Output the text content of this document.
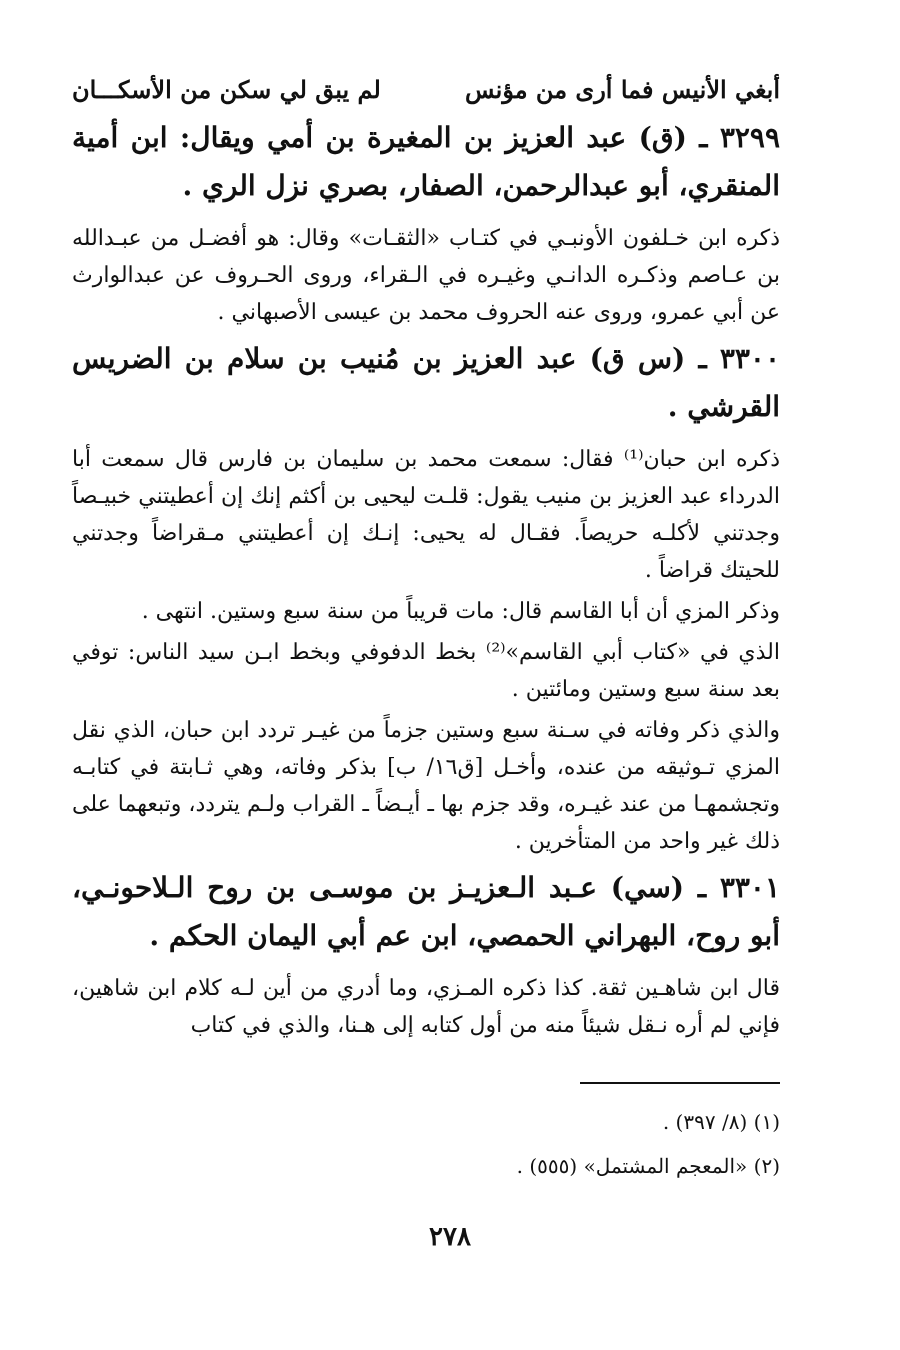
أبغي الأنيس فما أرى من مؤنس
لم يبق لي سكن من الأسكـــان
٣٢٩٩ ـ (ق) عبد العزيز بن المغيرة بن أمي ويقال: ابن أمية المنقري، أبو عبدالرحمن، الصفار، بصري نزل الري .

ذكره ابن خـلفون الأونبـي في كتـاب «الثقـات» وقال: هو أفضـل من عبـدالله بن عـاصم وذكـره الدانـي وغيـره في الـقراء، وروى الحـروف عن عبدالوارث عن أبي عمرو، وروى عنه الحروف محمد بن عيسى الأصبهاني .

٣٣٠٠ ـ (س ق) عبد العزيز بن مُنيب بن سلام بن الضريس القرشي .

ذكره ابن حبان⁽¹⁾ فقال: سمعت محمد بن سليمان بن فارس قال سمعت أبا الدرداء عبد العزيز بن منيب يقول: قلـت ليحيى بن أكثم إنك إن أعطيتني خبيـصاً وجدتني لأكلـه حريصاً. فقـال له يحيى: إنـك إن أعطيتني مـقراضاً وجدتني للحيتك قراضاً .

وذكر المزي أن أبا القاسم قال: مات قريباً من سنة سبع وستين. انتهى .

الذي في «كتاب أبي القاسم»⁽²⁾ بخط الدفوفي وبخط ابـن سيد الناس: توفي بعد سنة سبع وستين ومائتين .

والذي ذكر وفاته في سـنة سبع وستين جزماً من غيـر تردد ابن حبان، الذي نقل المزي تـوثيقه من عنده، وأخـل [ق١٦/ ب] بذكر وفاته، وهي ثـابتة في كتابـه وتجشمهـا من عند غيـره، وقد جزم بها ـ أيـضاً ـ القراب ولـم يتردد، وتبعهما على ذلك غير واحد من المتأخرين .

٣٣٠١ ـ (سي) عـبد الـعزيـز بن موسـى بن روح الـلاحونـي، أبو روح، البهراني الحمصي، ابن عم أبي اليمان الحكم .

قال ابن شاهـين ثقة. كذا ذكره المـزي، وما أدري من أين لـه كلام ابن شاهين، فإني لم أره نـقل شيئاً منه من أول كتابه إلى هـنا، والذي في كتاب

(١) (٨/ ٣٩٧) .
(٢) «المعجم المشتمل» (٥٥٥) .
٢٧٨
